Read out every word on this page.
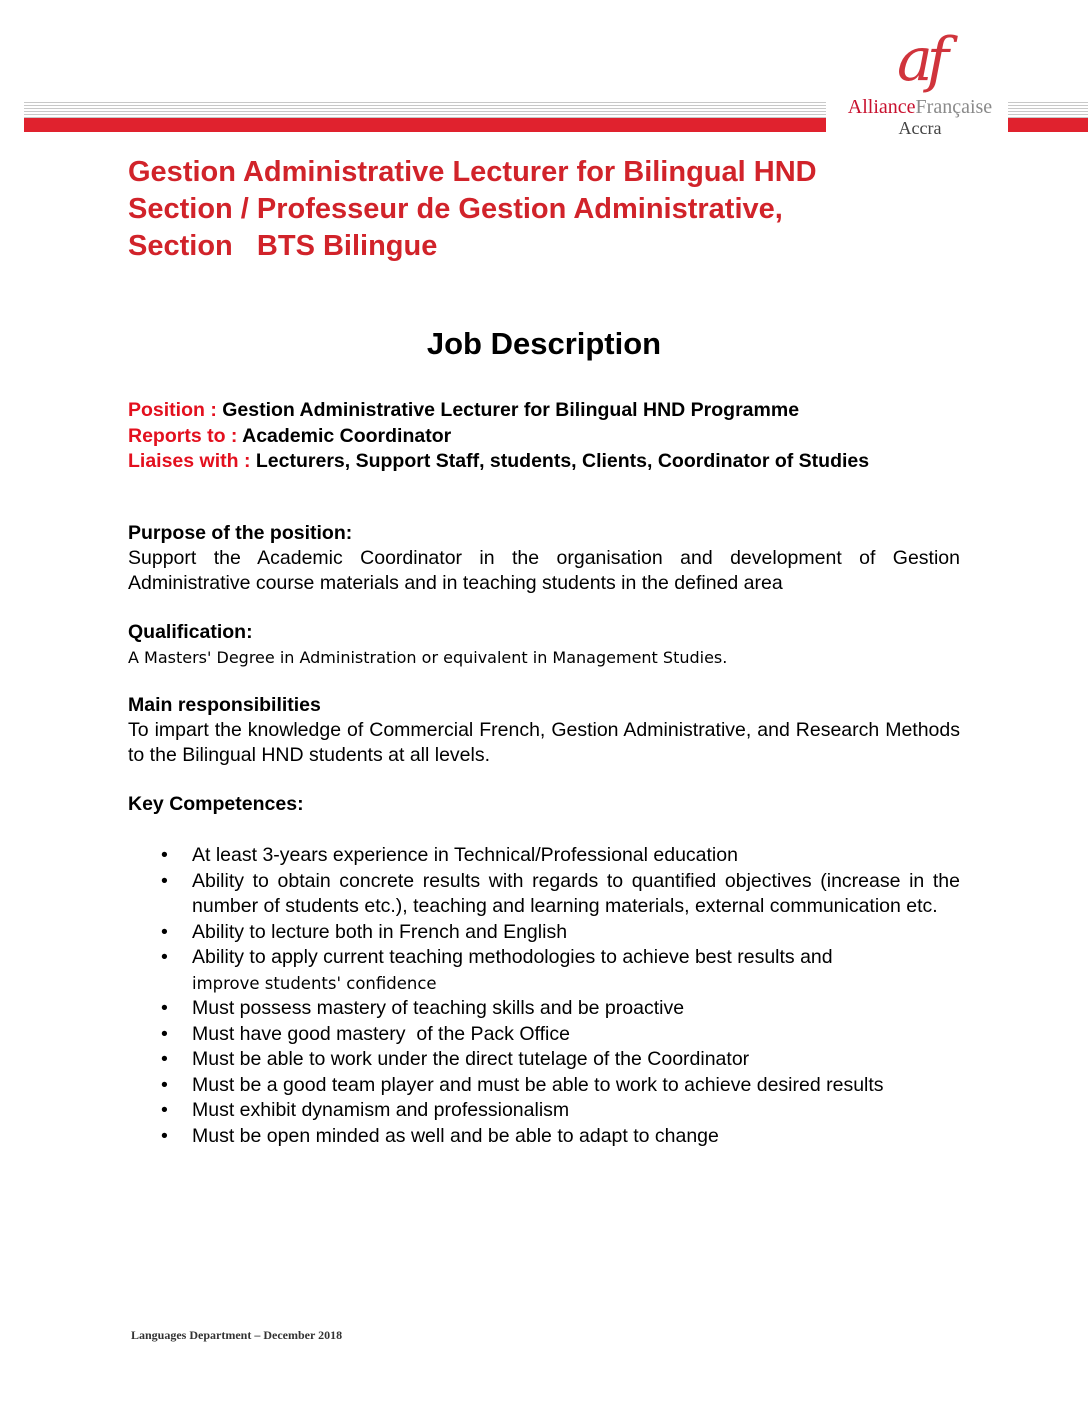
af
AllianceFrançaise
Accra
Gestion Administrative Lecturer for Bilingual HND
Section / Professeur de Gestion Administrative,
Section   BTS Bilingue
Job Description
Position : Gestion Administrative Lecturer for Bilingual HND Programme
Reports to : Academic Coordinator
Liaises with : Lecturers, Support Staff, students, Clients, Coordinator of Studies
Purpose of the position:

Support the Academic Coordinator in the organisation and development of Gestion Administrative course materials and in teaching students in the defined area

Qualification:

A Masters' Degree in Administration or equivalent in Management Studies.

Main responsibilities

To impart the knowledge of Commercial French, Gestion Administrative, and Research Methods to the Bilingual HND students at all levels.

Key Competences:
• At least 3-years experience in Technical/Professional education
• Ability to obtain concrete results with regards to quantified objectives (increase in the number of students etc.), teaching and learning materials, external communication etc.
• Ability to lecture both in French and English
• Ability to apply current teaching methodologies to achieve best results and
improve students' confidence
• Must possess mastery of teaching skills and be proactive
• Must have good mastery  of the Pack Office
• Must be able to work under the direct tutelage of the Coordinator
• Must be a good team player and must be able to work to achieve desired results
• Must exhibit dynamism and professionalism
• Must be open minded as well and be able to adapt to change
Languages Department – December 2018
